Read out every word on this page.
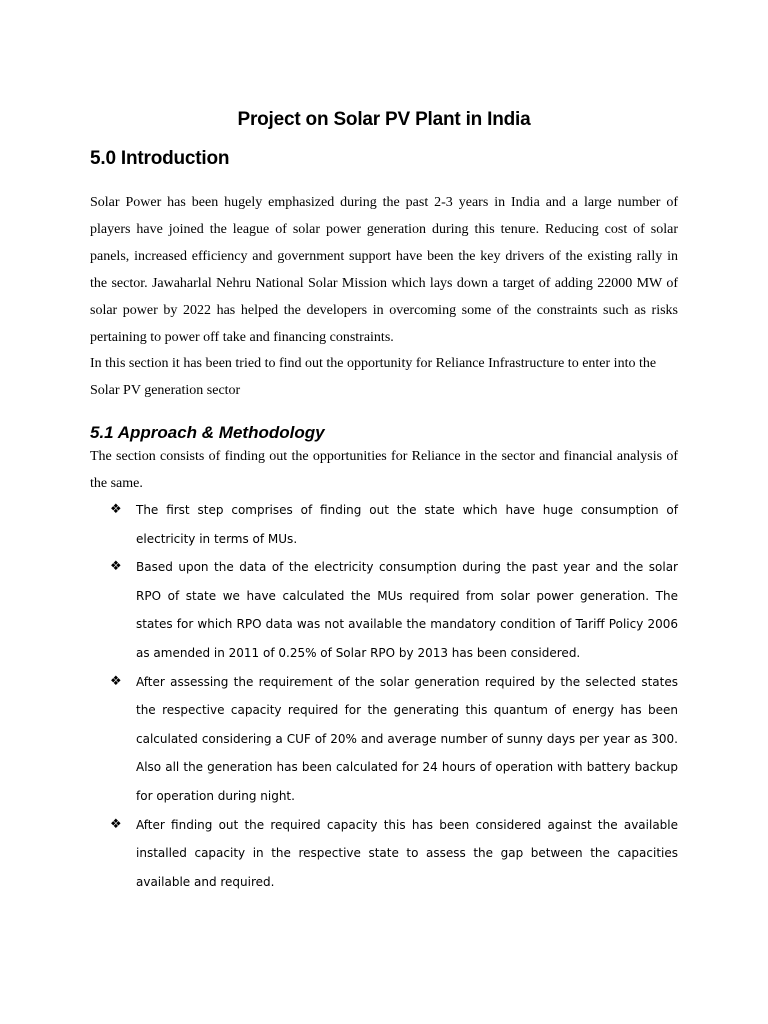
Project on Solar PV Plant in India
5.0 Introduction

Solar Power has been hugely emphasized during the past 2-3 years in India and a large number of players have joined the league of solar power generation during this tenure. Reducing cost of solar panels, increased efficiency and government support have been the key drivers of the existing rally in the sector. Jawaharlal Nehru National Solar Mission which lays down a target of adding 22000 MW of solar power by 2022 has helped the developers in overcoming some of the constraints such as risks pertaining to power off take and financing constraints.

In this section it has been tried to find out the opportunity for Reliance Infrastructure to enter into the Solar PV generation sector

5.1 Approach & Methodology

The section consists of finding out the opportunities for Reliance in the sector and financial analysis of the same.

❖ The first step comprises of finding out the state which have huge consumption of electricity in terms of MUs.
❖ Based upon the data of the electricity consumption during the past year and the solar RPO of state we have calculated the MUs required from solar power generation. The states for which RPO data was not available the mandatory condition of Tariff Policy 2006 as amended in 2011 of 0.25% of Solar RPO by 2013 has been considered.
❖ After assessing the requirement of the solar generation required by the selected states the respective capacity required for the generating this quantum of energy has been calculated considering a CUF of 20% and average number of sunny days per year as 300. Also all the generation has been calculated for 24 hours of operation with battery backup for operation during night.
❖ After finding out the required capacity this has been considered against the available installed capacity in the respective state to assess the gap between the capacities available and required.
